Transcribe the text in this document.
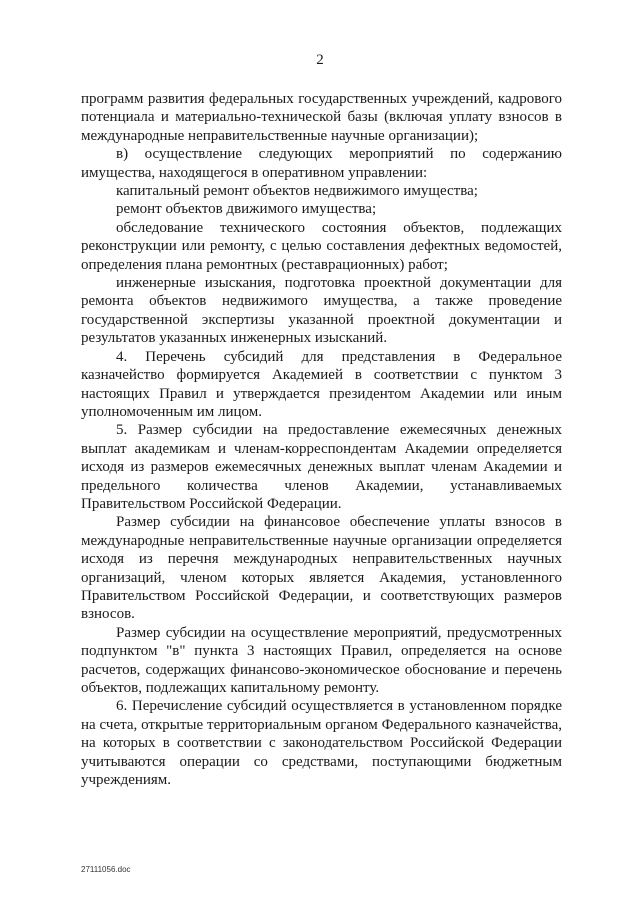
2
программ развития федеральных государственных учреждений, кадрового
потенциала и материально-технической базы (включая уплату взносов в
международные неправительственные научные организации);
в) осуществление следующих мероприятий по содержанию
имущества, находящегося в оперативном управлении:
капитальный ремонт объектов недвижимого имущества;
ремонт объектов движимого имущества;
обследование технического состояния объектов, подлежащих
реконструкции или ремонту, с целью составления дефектных ведомостей,
определения плана ремонтных (реставрационных) работ;
инженерные изыскания, подготовка проектной документации для
ремонта объектов недвижимого имущества, а также проведение
государственной экспертизы указанной проектной документации и
результатов указанных инженерных изысканий.
4. Перечень субсидий для представления в Федеральное
казначейство формируется Академией в соответствии с пунктом 3
настоящих Правил и утверждается президентом Академии или иным
уполномоченным им лицом.
5. Размер субсидии на предоставление ежемесячных денежных
выплат академикам и членам-корреспондентам Академии определяется
исходя из размеров ежемесячных денежных выплат членам Академии и
предельного количества членов Академии, устанавливаемых
Правительством Российской Федерации.
Размер субсидии на финансовое обеспечение уплаты взносов в
международные неправительственные научные организации определяется
исходя из перечня международных неправительственных научных
организаций, членом которых является Академия, установленного
Правительством Российской Федерации, и соответствующих размеров
взносов.
Размер субсидии на осуществление мероприятий, предусмотренных
подпунктом "в" пункта 3 настоящих Правил, определяется на основе
расчетов, содержащих финансово-экономическое обоснование и перечень
объектов, подлежащих капитальному ремонту.
6. Перечисление субсидий осуществляется в установленном порядке
на счета, открытые территориальным органом Федерального казначейства,
на которых в соответствии с законодательством Российской Федерации
учитываются операции со средствами, поступающими бюджетным
учреждениям.
27111056.doc
